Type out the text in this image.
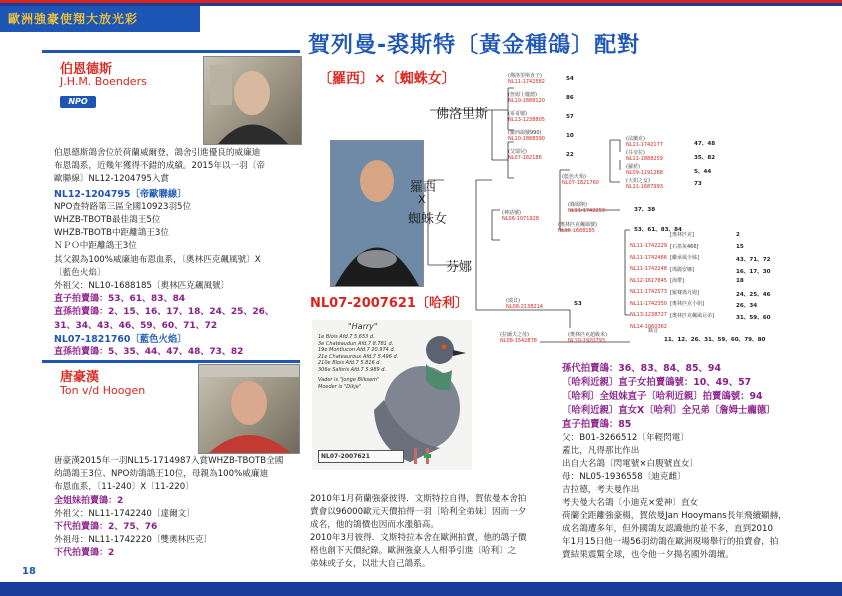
歐洲強豪使翔大放光彩
18
伯恩德斯
J.H.M. Boenders
NPO
伯恩德斯鴿舍位於荷蘭威爾登，鴿舍引進優良的威廉迪
布恩鴿系，近幾年獲得不錯的成績。2015年以一羽〔帝
歐聯線〕NL12-1204795入賞
NL12-1204795〔帝歐聯線〕
NPO查特路第三區全國10923羽5位
WHZB-TBOTB最佳鴿王5位
WHZB-TBOTB中距離鴿王3位
ＮＰＯ中距離鴿王3位
其父親為100%威廉迪布恩血系，〔奧林匹克飆風號〕X
〔藍色火焰〕
外祖父：NL10-1688185〔奧林匹克飆風號〕
直子拍賣鴿：53、61、83、84
直孫拍賣鴿：2、15、16、17、18、24、25、26、
31、34、43、46、59、60、71、72
NL07-1821760〔藍色火焰〕
直孫拍賣鴿：5、35、44、47、48、73、82
唐豪漢
Ton v/d Hoogen
唐豪漢2015年一羽NL15-1714987入賞WHZB-TBOTB全國
幼鴿鴿王3位、NPO幼鴿鴿王10位，母親為100%威廉迪
布恩血系，〔11-240〕X〔11-220〕
全姐妹拍賣鴿：2
外祖父：NL11-1742240〔達爾文〕
下代拍賣鴿：2、75、76
外祖母：NL11-1742220〔雙奧林匹克〕
下代拍賣鴿：2
賀列曼-裘斯特〔黃金種鴿〕配對
〔羅西〕×〔蜘蛛女〕
佛洛里斯
羅西
X
蜘蛛女
芬娜
(佛洛里斯直子)
NL11-1742582	54
(詹姆士龐德)
NL10-1888120	86
(哥哥號)
NL13-1238805	57
(羅西鴿號990)
NL10-1888390	10
(艾瑞兒)
NL07-182186	22
(法蘭克)
NL11-1742177	47、48
(芬奈拉)
NL11-1888259	35、82
(蘿菈)
NL09-1191288	5、44
(大姐之女)
NL11-1687993	73
(藍色火焰)
NL07-1821760
(神話號)
NL06-1071928
(綠姆斯)
NL11-1742259	37、38
(奧林匹克飆風號)
NL10-1688185	53、61、83、84
NL11-1742229
[奧林匹克]	2
NL11-1742466
[石墨灰466]	15
NL11-1742248
[繼承風全姊]	43、71、72
NL12-1617845
[瑪麗安娜]	16、17、30
NL11-1742573
[海帶]	18
NL11-1742350
[羅賽瑪月姆]	24、25、46
NL13-1238727
[奧林匹克小姐]	26、34
NL14-1060362
[奧林匹克飆風兄弟]	31、59、60
(瑞貝)
NL08-2138214	53
(拉爾夫之母)
NL08-1542878
(奧林匹克超級米)
NL10-1920793	11、12、26、31、59、60、79、80
錄音
NL07-2007621〔哈利〕
"Harry"
1e Blois Afd.7 5.653 d.
3e Chateaudun Afd.7 8.781 d.
19e Montlucon Afd.7 20.974 d.
21e Chateauroux Afd.7 5.496 d.
210e Blois Afd.7 5.816 d.
306e Salbris Afd.7 5.989 d.
Vader is "Jonge Bliksem"
Moeder is "Dikje"
NL07-2007621
2010年1月荷蘭強豪彼得．文斯特拉自得，賀依曼本舍拍
賣會以96000歐元天價拍得一羽〔哈利全弟妹〕因而一夕
成名，他的鴿價也因而水漲船高。
2010年3月彼得．文斯特拉本舍在歐洲拍賣，他的鴿子價
格也創下天價紀錄。歐洲強豪人人相爭引進〔哈利〕之
弟妹或子女，以壯大自己鴿系。
孫代拍賣鴿：36、83、84、85、94
〔哈利近親〕直子女拍賣鴿號：10、49、57
〔哈利〕全姐妹直子〔哈利近親〕拍賣鴿號：94
〔哈利近親〕直女X〔哈利〕全兄弟〔詹姆士龐德〕
直子拍賣鴿：85
父：B01-3266512〔年輕閃電〕
蓋比，凡得那比作出
出自大名鴿〔閃電號×白腹號直女〕
母：NL05-1936558〔迪克雌〕
吉拉德，考夫曼作出
考夫曼大名鴿〔小迪克×愛神〕直女
荷蘭全距離強豪楊，賀依曼Jan Hooymans長年飛續顯赫，
成名鴿遭多年，但外國鴿友認識他的並不多，直到2010
年1月15日他一場56羽幼鴿在歐洲現場舉行的拍賣會，拍
賣結果震驚全球，也令他一夕揚名國外鴿壇。
